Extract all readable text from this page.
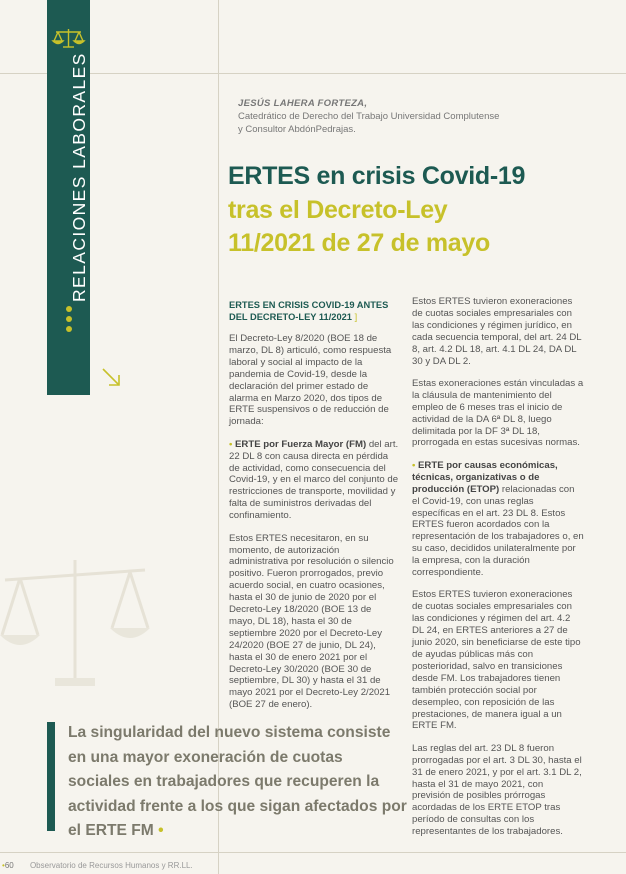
RELACIONES LABORALES	JESÚS LAHERA FORTEZA,
Catedrático de Derecho del Trabajo Universidad Complutense
y Consultor AbdónPedrajas.
ERTES en crisis Covid-19
tras el Decreto-Ley
11/2021 de 27 de mayo
ERTES EN CRISIS COVID-19 ANTES
DEL DECRETO-LEY 11/2021 ]

El Decreto-Ley 8/2020 (BOE 18 de marzo, DL 8) articuló, como respuesta laboral y social al impacto de la pandemia de Covid-19, desde la declaración del primer estado de alarma en Marzo 2020, dos tipos de ERTE suspensivos o de reducción de jornada:

• ERTE por Fuerza Mayor (FM) del art. 22 DL 8 con causa directa en pérdida de actividad, como consecuencia del Covid-19, y en el marco del conjunto de restricciones de transporte, movilidad y falta de suministros derivadas del confinamiento.

Estos ERTES necesitaron, en su momento, de autorización administrativa por resolución o silencio positivo. Fueron prorrogados, previo acuerdo social, en cuatro ocasiones, hasta el 30 de junio de 2020 por el Decreto-Ley 18/2020 (BOE 13 de mayo, DL 18), hasta el 30 de septiembre 2020 por el Decreto-Ley 24/2020 (BOE 27 de junio, DL 24), hasta el 30 de enero 2021 por el Decreto-Ley 30/2020 (BOE 30 de septiembre, DL 30) y hasta el 31 de mayo 2021 por el Decreto-Ley 2/2021 (BOE 27 de enero).

Estos ERTES tuvieron exoneraciones de cuotas sociales empresariales con las condiciones y régimen jurídico, en cada secuencia temporal, del art. 24 DL 8, art. 4.2 DL 18, art. 4.1 DL 24, DA DL 30 y DA DL 2.

Estas exoneraciones están vinculadas a la cláusula de mantenimiento del empleo de 6 meses tras el inicio de actividad de la DA 6ª DL 8, luego delimitada por la DF 3ª DL 18, prorrogada en estas sucesivas normas.

• ERTE por causas económicas, técnicas, organizativas o de producción (ETOP) relacionadas con el Covid-19, con unas reglas específicas en el art. 23 DL 8. Estos ERTES fueron acordados con la representación de los trabajadores o, en su caso, decididos unilateralmente por la empresa, con la duración correspondiente.

Estos ERTES tuvieron exoneraciones de cuotas sociales empresariales con las condiciones y régimen del art. 4.2 DL 24, en ERTES anteriores a 27 de junio 2020, sin beneficiarse de este tipo de ayudas públicas más con posterioridad, salvo en transiciones desde FM. Los trabajadores tienen también protección social por desempleo, con reposición de las prestaciones, de manera igual a un ERTE FM.

Las reglas del art. 23 DL 8 fueron prorrogadas por el art. 3 DL 30, hasta el 31 de enero 2021, y por el art. 3.1 DL 2, hasta el 31 de mayo 2021, con previsión de posibles prórrogas acordadas de los ERTE ETOP tras período de consultas con los representantes de los trabajadores.

La singularidad del nuevo sistema consiste en una mayor exoneración de cuotas sociales en trabajadores que recuperen la actividad frente a los que sigan afectados por el ERTE FM •
•60 Observatorio de Recursos Humanos y RR.LL.
